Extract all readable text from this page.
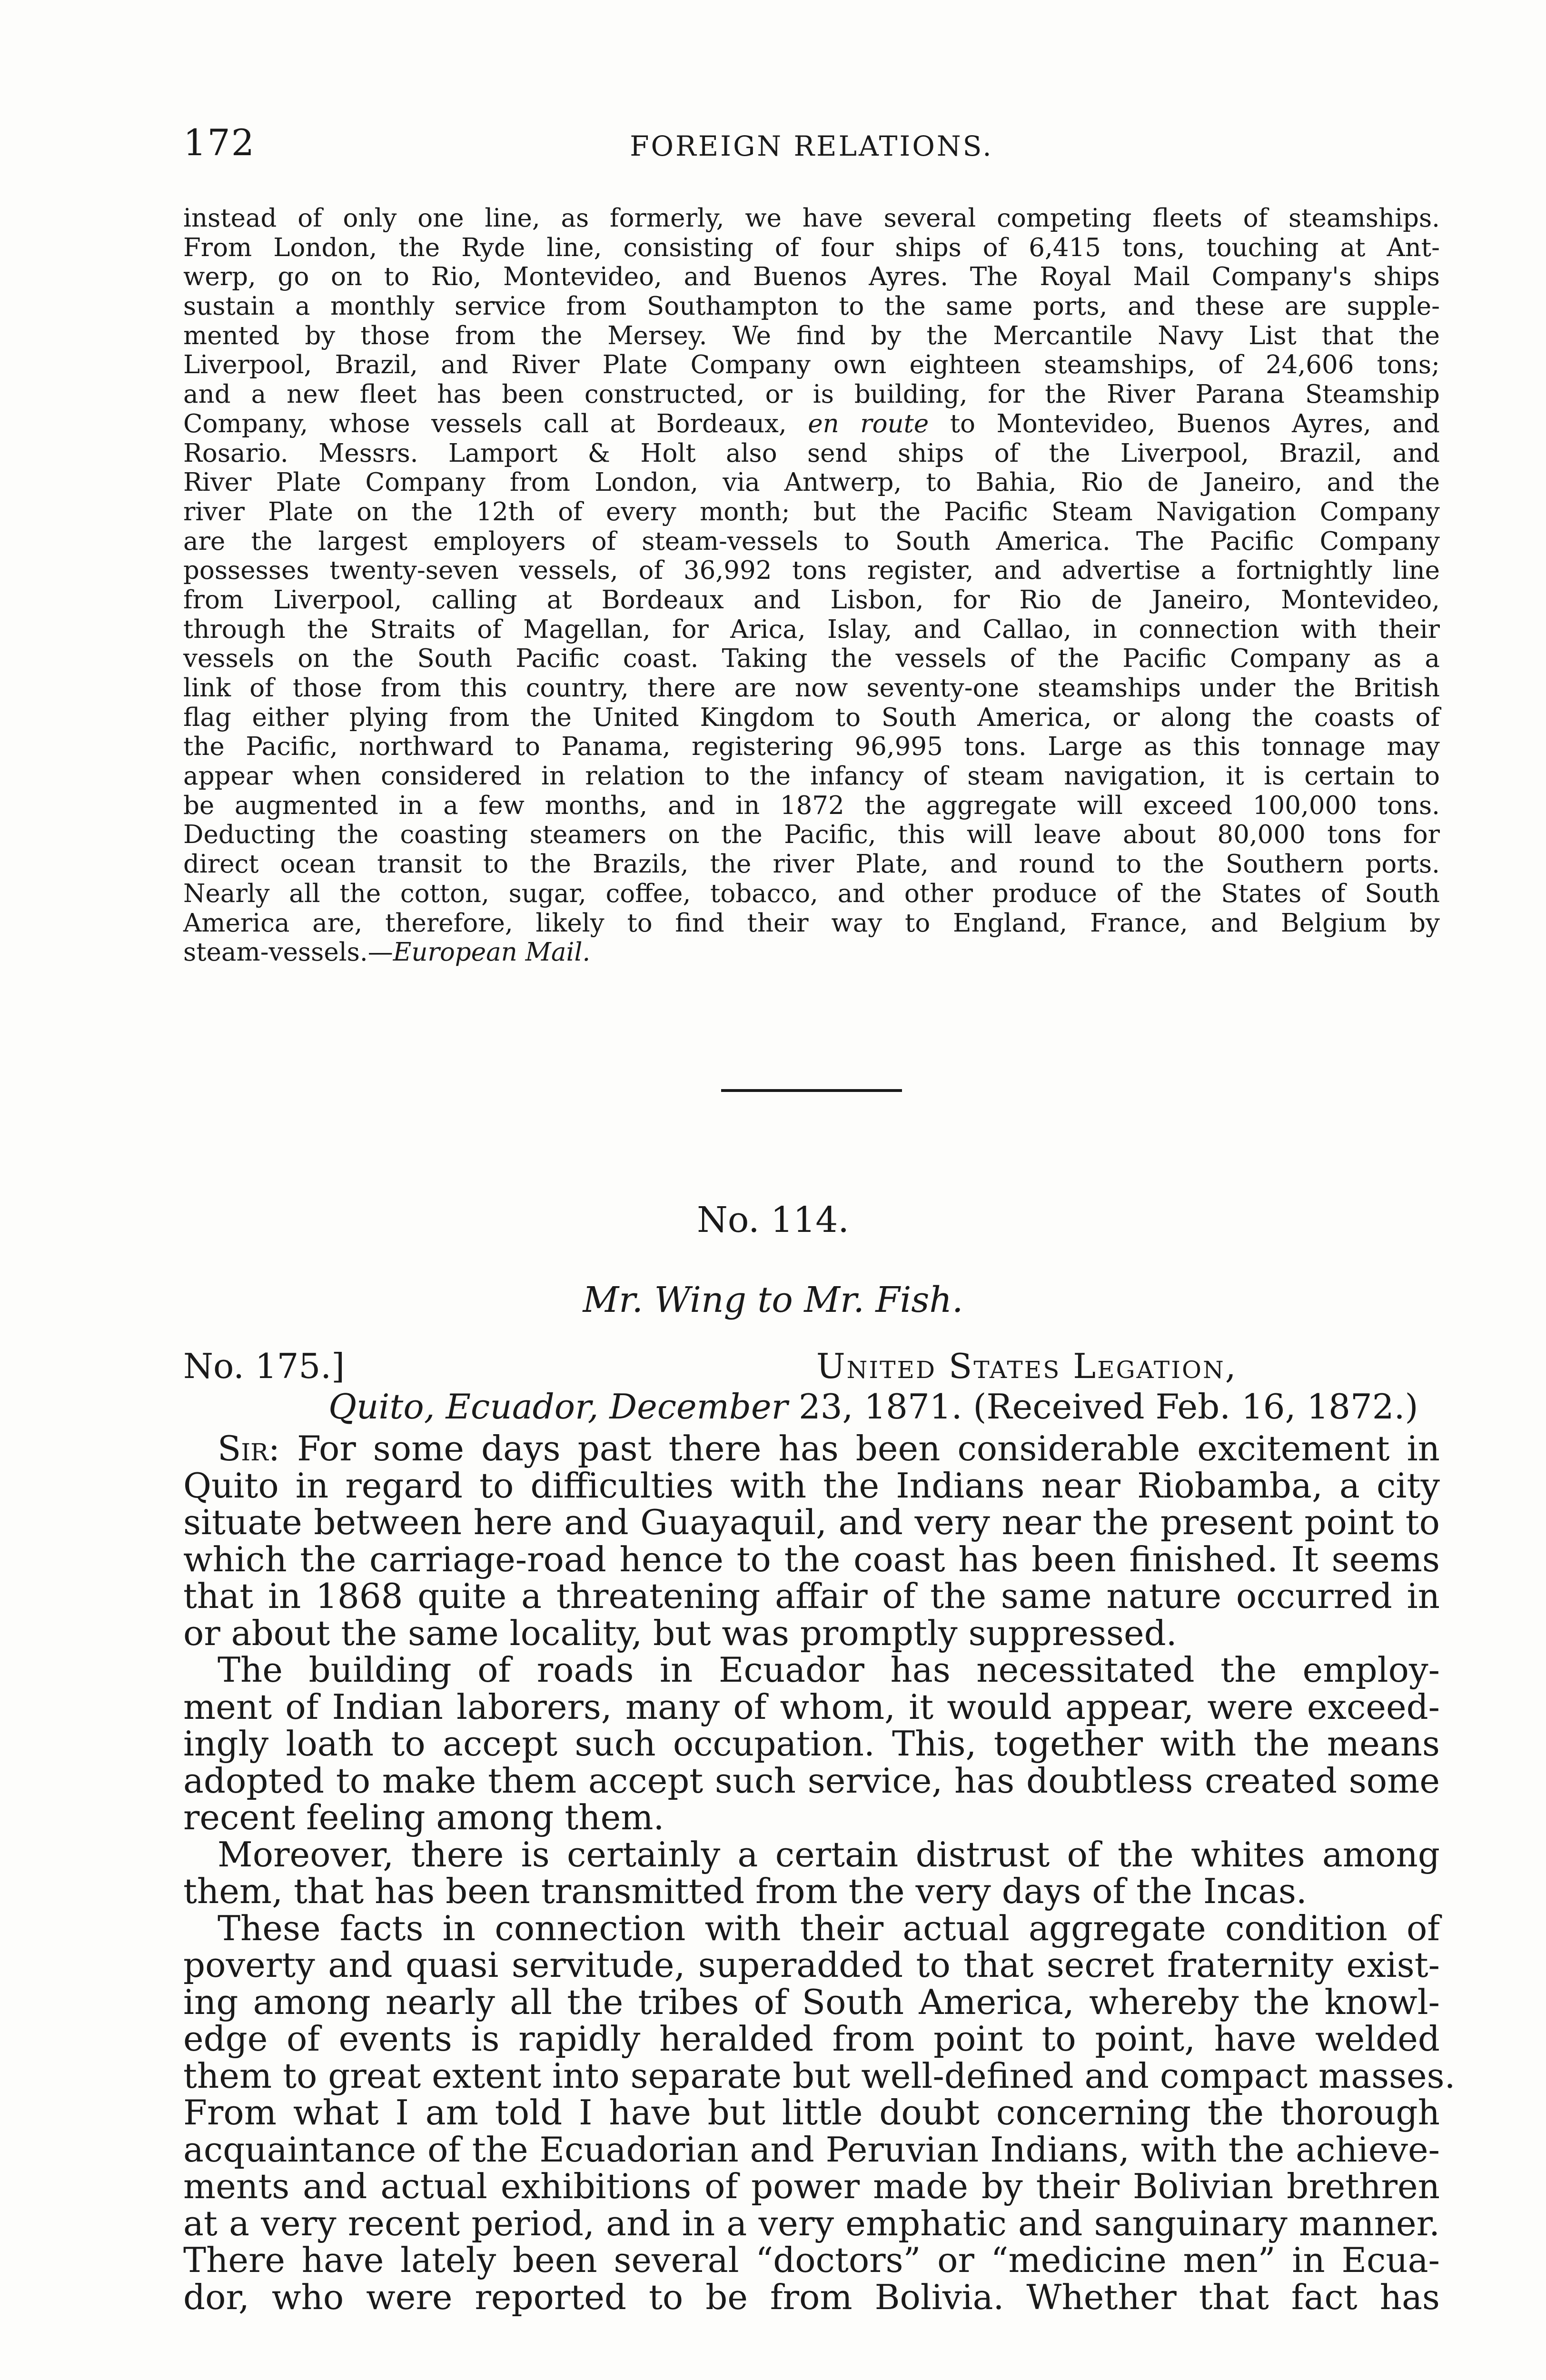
172	FOREIGN RELATIONS.
instead of only one line, as formerly, we have several competing fleets of steamships.
From London, the Ryde line, consisting of four ships of 6,415 tons, touching at Ant-
werp, go on to Rio, Montevideo, and Buenos Ayres. The Royal Mail Company's ships
sustain a monthly service from Southampton to the same ports, and these are supple-
mented by those from the Mersey. We find by the Mercantile Navy List that the
Liverpool, Brazil, and River Plate Company own eighteen steamships, of 24,606 tons;
and a new fleet has been constructed, or is building, for the River Parana Steamship
Company, whose vessels call at Bordeaux, en route to Montevideo, Buenos Ayres, and
Rosario. Messrs. Lamport & Holt also send ships of the Liverpool, Brazil, and
River Plate Company from London, via Antwerp, to Bahia, Rio de Janeiro, and the
river Plate on the 12th of every month; but the Pacific Steam Navigation Company
are the largest employers of steam-vessels to South America. The Pacific Company
possesses twenty-seven vessels, of 36,992 tons register, and advertise a fortnightly line
from Liverpool, calling at Bordeaux and Lisbon, for Rio de Janeiro, Montevideo,
through the Straits of Magellan, for Arica, Islay, and Callao, in connection with their
vessels on the South Pacific coast. Taking the vessels of the Pacific Company as a
link of those from this country, there are now seventy-one steamships under the British
flag either plying from the United Kingdom to South America, or along the coasts of
the Pacific, northward to Panama, registering 96,995 tons. Large as this tonnage may
appear when considered in relation to the infancy of steam navigation, it is certain to
be augmented in a few months, and in 1872 the aggregate will exceed 100,000 tons.
Deducting the coasting steamers on the Pacific, this will leave about 80,000 tons for
direct ocean transit to the Brazils, the river Plate, and round to the Southern ports.
Nearly all the cotton, sugar, coffee, tobacco, and other produce of the States of South
America are, therefore, likely to find their way to England, France, and Belgium by
steam-vessels.—European Mail.
No. 114.
Mr. Wing to Mr. Fish.
No. 175.]	United States Legation,
Quito, Ecuador, December 23, 1871. (Received Feb. 16, 1872.)
Sir: For some days past there has been considerable excitement in
Quito in regard to difficulties with the Indians near Riobamba, a city
situate between here and Guayaquil, and very near the present point to
which the carriage-road hence to the coast has been finished. It seems
that in 1868 quite a threatening affair of the same nature occurred in
or about the same locality, but was promptly suppressed.
The building of roads in Ecuador has necessitated the employ-
ment of Indian laborers, many of whom, it would appear, were exceed-
ingly loath to accept such occupation. This, together with the means
adopted to make them accept such service, has doubtless created some
recent feeling among them.
Moreover, there is certainly a certain distrust of the whites among
them, that has been transmitted from the very days of the Incas.
These facts in connection with their actual aggregate condition of
poverty and quasi servitude, superadded to that secret fraternity exist-
ing among nearly all the tribes of South America, whereby the knowl-
edge of events is rapidly heralded from point to point, have welded
them to great extent into separate but well-defined and compact masses.
From what I am told I have but little doubt concerning the thorough
acquaintance of the Ecuadorian and Peruvian Indians, with the achieve-
ments and actual exhibitions of power made by their Bolivian brethren
at a very recent period, and in a very emphatic and sanguinary manner.
There have lately been several “doctors” or “medicine men” in Ecua-
dor, who were reported to be from Bolivia. Whether that fact has
